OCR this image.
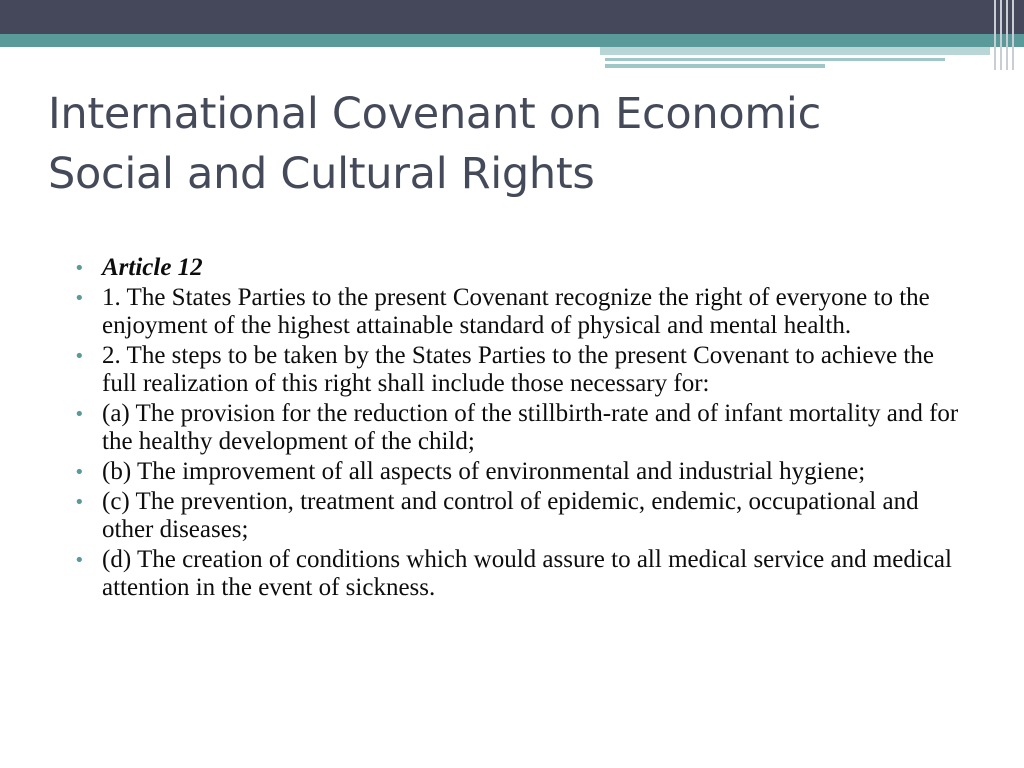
International Covenant on Economic
Social and Cultural Rights
• Article 12
• 1. The States Parties to the present Covenant recognize the right of everyone to the enjoyment of the highest attainable standard of physical and mental health.
• 2. The steps to be taken by the States Parties to the present Covenant to achieve the full realization of this right shall include those necessary for:
• (a) The provision for the reduction of the stillbirth-rate and of infant mortality and for the healthy development of the child;
• (b) The improvement of all aspects of environmental and industrial hygiene;
• (c) The prevention, treatment and control of epidemic, endemic, occupational and other diseases;
• (d) The creation of conditions which would assure to all medical service and medical attention in the event of sickness.
